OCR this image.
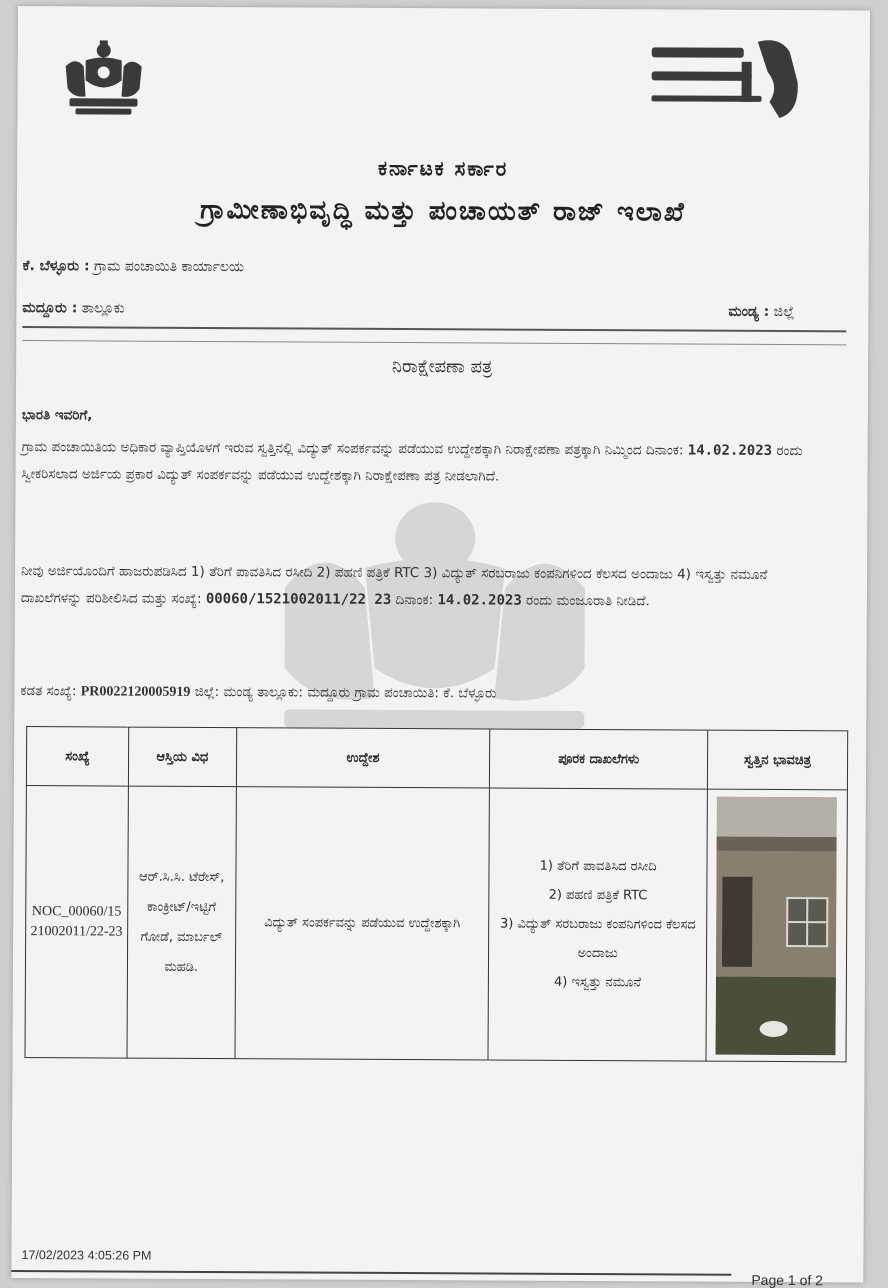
ಕರ್ನಾಟಕ ಸರ್ಕಾರ
ಗ್ರಾಮೀಣಾಭಿವೃದ್ಧಿ ಮತ್ತು ಪಂಚಾಯತ್ ರಾಜ್ ಇಲಾಖೆ
ಕೆ. ಬೆಳ್ಳೂರು : ಗ್ರಾಮ ಪಂಚಾಯಿತಿ ಕಾರ್ಯಾಲಯ
ಮದ್ದೂರು : ತಾಲ್ಲೂಕು	ಮಂಡ್ಯ : ಜಿಲ್ಲೆ
ನಿರಾಕ್ಷೇಪಣಾ ಪತ್ರ
ಭಾರತಿ ಇವರಿಗೆ,
ಗ್ರಾಮ ಪಂಚಾಯಿತಿಯ ಅಧಿಕಾರ ವ್ಯಾಪ್ತಿಯೊಳಗೆ ಇರುವ ಸ್ವತ್ತಿನಲ್ಲಿ ವಿದ್ಯುತ್ ಸಂಪರ್ಕವನ್ನು ಪಡೆಯುವ ಉದ್ದೇಶಕ್ಕಾಗಿ ನಿರಾಕ್ಷೇಪಣಾ ಪತ್ರಕ್ಕಾಗಿ ನಿಮ್ಮಿಂದ ದಿನಾಂಕ: 14.02.2023 ರಂದು ಸ್ವೀಕರಿಸಲಾದ ಅರ್ಜಿಯ ಪ್ರಕಾರ ವಿದ್ಯುತ್ ಸಂಪರ್ಕವನ್ನು ಪಡೆಯುವ ಉದ್ದೇಶಕ್ಕಾಗಿ ನಿರಾಕ್ಷೇಪಣಾ ಪತ್ರ ನೀಡಲಾಗಿದೆ.
ನೀವು ಅರ್ಜಿಯೊಂದಿಗೆ ಹಾಜರುಪಡಿಸಿದ 1) ತೆರಿಗೆ ಪಾವತಿಸಿದ ರಸೀದಿ 2) ಪಹಣಿ ಪತ್ರಿಕೆ RTC 3) ವಿದ್ಯುತ್ ಸರಬರಾಜು ಕಂಪನಿಗಳಿಂದ ಕೆಲಸದ ಅಂದಾಜು 4) ಇಸ್ವತ್ತು ನಮೂನೆ ದಾಖಲೆಗಳನ್ನು ಪರಿಶೀಲಿಸಿದ ಮತ್ತು ಸಂಖ್ಯೆ: 00060/1521002011/22 23 ದಿನಾಂಕ: 14.02.2023 ರಂದು ಮಂಜೂರಾತಿ ನೀಡಿದೆ.
ಕಡತ ಸಂಖ್ಯೆ: PR0022120005919 ಜಿಲ್ಲೆ: ಮಂಡ್ಯ ತಾಲ್ಲೂಕು: ಮದ್ದೂರು ಗ್ರಾಮ ಪಂಚಾಯಿತಿ: ಕೆ. ಬೆಳ್ಳೂರು
ಸಂಖ್ಯೆ	ಆಸ್ತಿಯ ವಿಧ	ಉದ್ದೇಶ	ಪೂರಕ ದಾಖಲೆಗಳು	ಸ್ವತ್ತಿನ ಭಾವಚಿತ್ರ
NOC_00060/1521002011/22-23	ಆರ್.ಸಿ.ಸಿ. ಟೆರೇಸ್, ಕಾಂಕ್ರೀಟ್/ಇಟ್ಟಿಗೆ ಗೋಡೆ, ಮಾರ್ಬಲ್ ಮಹಡಿ.	ವಿದ್ಯುತ್ ಸಂಪರ್ಕವನ್ನು ಪಡೆಯುವ ಉದ್ದೇಶಕ್ಕಾಗಿ	1) ತೆರಿಗೆ ಪಾವತಿಸಿದ ರಸೀದಿ
2) ಪಹಣಿ ಪತ್ರಿಕೆ RTC
3) ವಿದ್ಯುತ್ ಸರಬರಾಜು ಕಂಪನಿಗಳಿಂದ ಕೆಲಸದ ಅಂದಾಜು
4) ಇಸ್ವತ್ತು ನಮೂನೆ

17/02/2023 4:05:26 PM
Page 1 of 2
